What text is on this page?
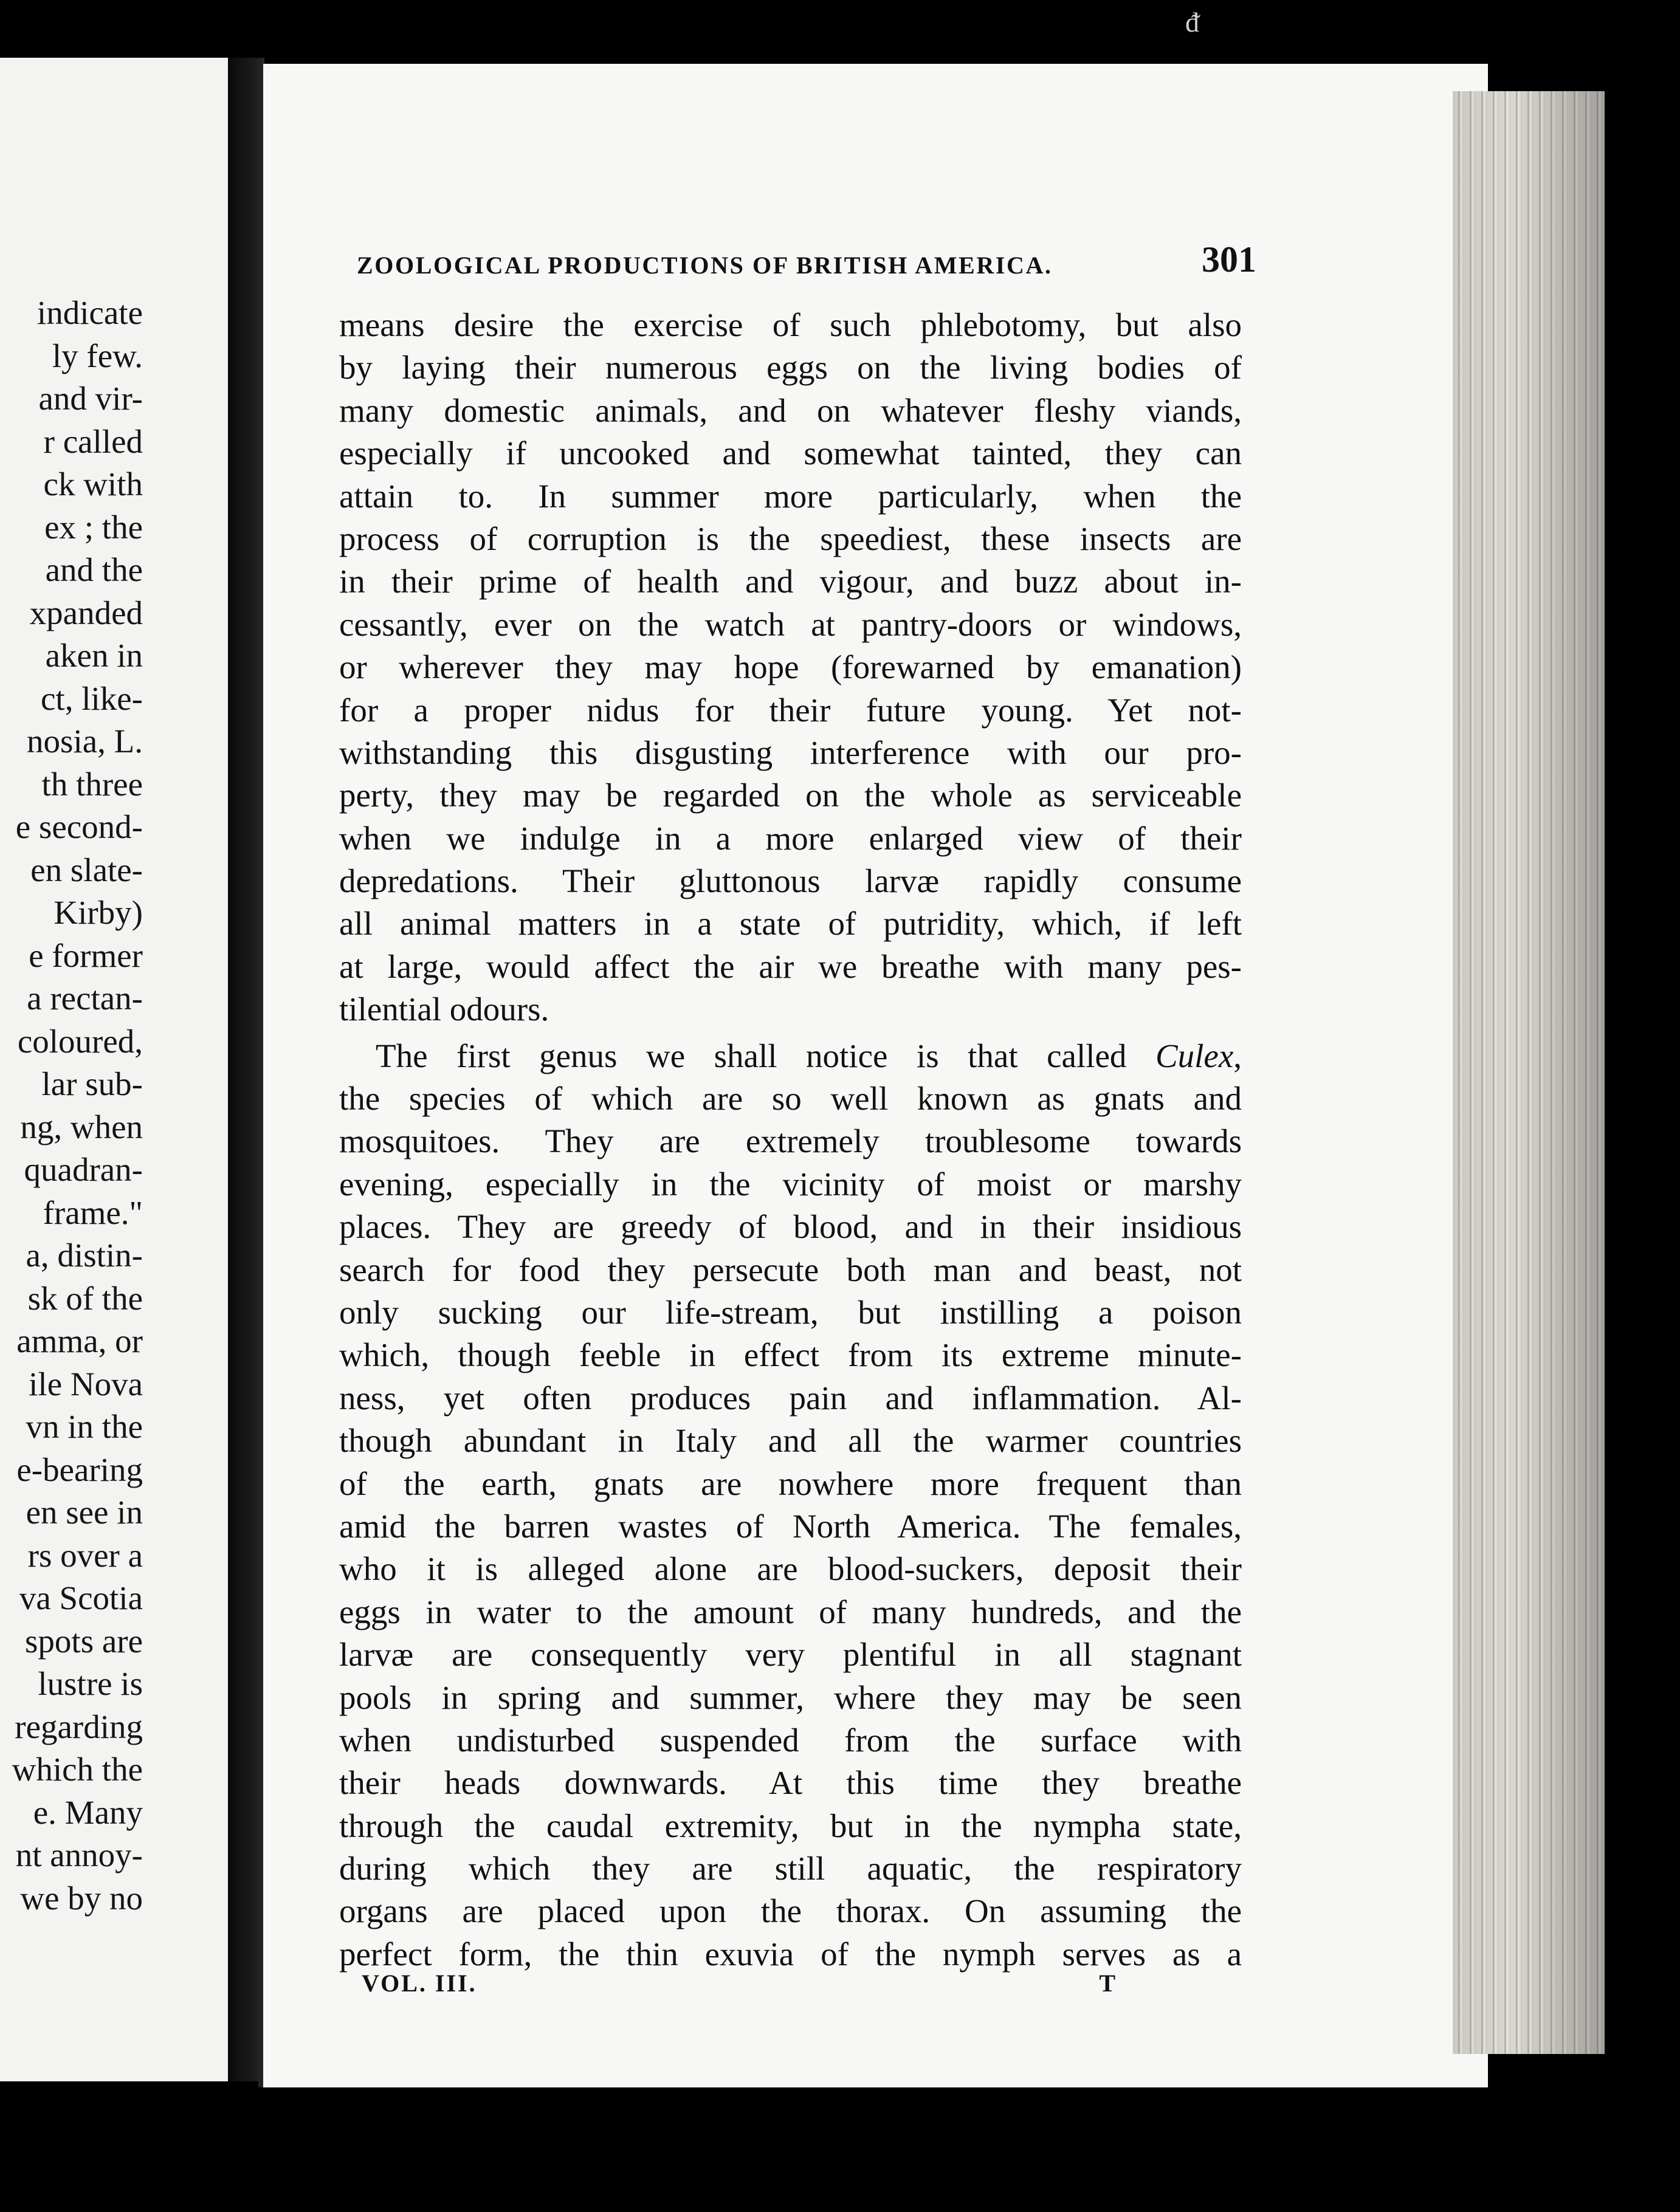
indicate
ly few.
and vir-
r called
ck with
ex ; the
and the
xpanded
aken in
ct, like-
nosia, L.
th three
e second-
en slate-
Kirby)
e former
a rectan-
coloured,
lar sub-
ng, when
quadran-
frame."
a, distin-
sk of the
amma, or
ile Nova
vn in the
e-bearing
en see in
rs over a
va Scotia
spots are
lustre is
regarding
which the
e. Many
nt annoy-
we by no
ᵭ
ZOOLOGICAL PRODUCTIONS OF BRITISH AMERICA.	301
means desire the exercise of such phlebotomy, but also
by laying their numerous eggs on the living bodies of
many domestic animals, and on whatever fleshy viands,
especially if uncooked and somewhat tainted, they can
attain to. In summer more particularly, when the
process of corruption is the speediest, these insects are
in their prime of health and vigour, and buzz about in-
cessantly, ever on the watch at pantry-doors or windows,
or wherever they may hope (forewarned by emanation)
for a proper nidus for their future young. Yet not-
withstanding this disgusting interference with our pro-
perty, they may be regarded on the whole as serviceable
when we indulge in a more enlarged view of their
depredations. Their gluttonous larvæ rapidly consume
all animal matters in a state of putridity, which, if left
at large, would affect the air we breathe with many pes-
tilential odours.
The first genus we shall notice is that called Culex,
the species of which are so well known as gnats and
mosquitoes. They are extremely troublesome towards
evening, especially in the vicinity of moist or marshy
places. They are greedy of blood, and in their insidious
search for food they persecute both man and beast, not
only sucking our life-stream, but instilling a poison
which, though feeble in effect from its extreme minute-
ness, yet often produces pain and inflammation. Al-
though abundant in Italy and all the warmer countries
of the earth, gnats are nowhere more frequent than
amid the barren wastes of North America. The females,
who it is alleged alone are blood-suckers, deposit their
eggs in water to the amount of many hundreds, and the
larvæ are consequently very plentiful in all stagnant
pools in spring and summer, where they may be seen
when undisturbed suspended from the surface with
their heads downwards. At this time they breathe
through the caudal extremity, but in the nympha state,
during which they are still aquatic, the respiratory
organs are placed upon the thorax. On assuming the
perfect form, the thin exuvia of the nymph serves as a
VOL. III.	T
